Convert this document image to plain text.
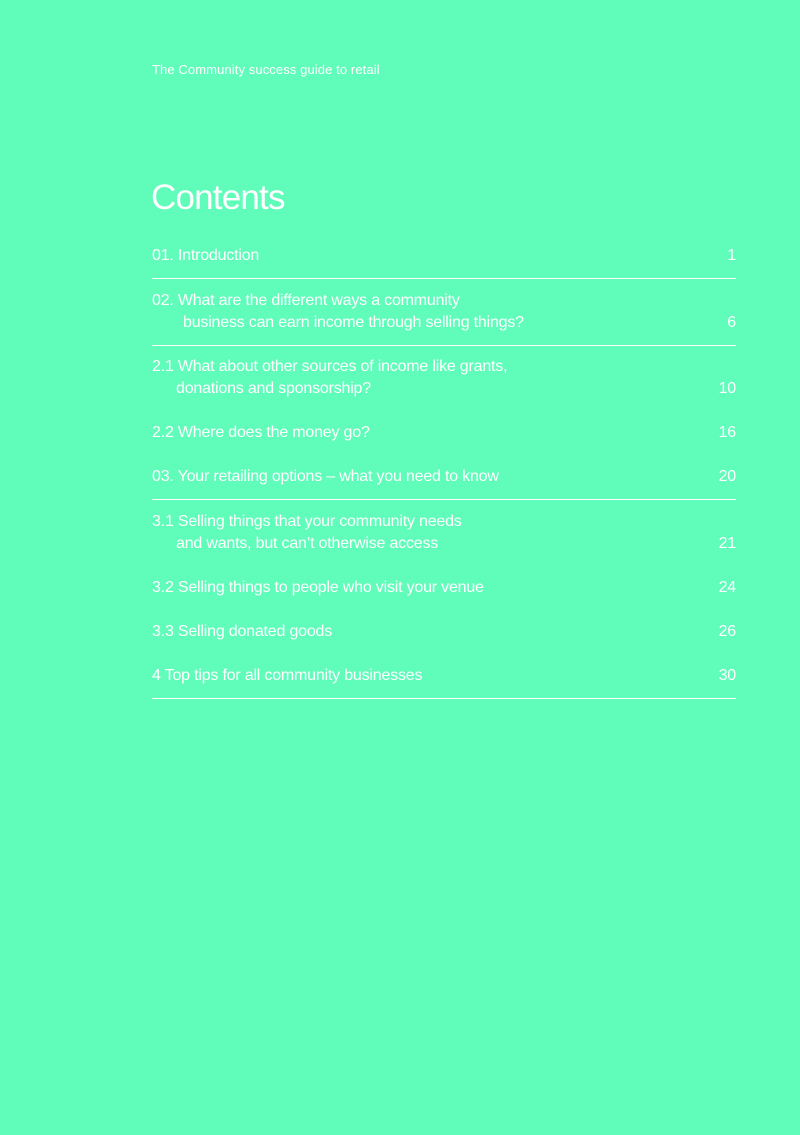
The Community success guide to retail
Contents
01. Introduction	1
02. What are the different ways a community
business can earn income through selling things?	6
2.1 What about other sources of income like grants,
donations and sponsorship?	10
2.2 Where does the money go?	16
03. Your retailing options – what you need to know	20
3.1 Selling things that your community needs
and wants, but can’t otherwise access	21
3.2 Selling things to people who visit your venue	24
3.3 Selling donated goods	26
4 Top tips for all community businesses	30
